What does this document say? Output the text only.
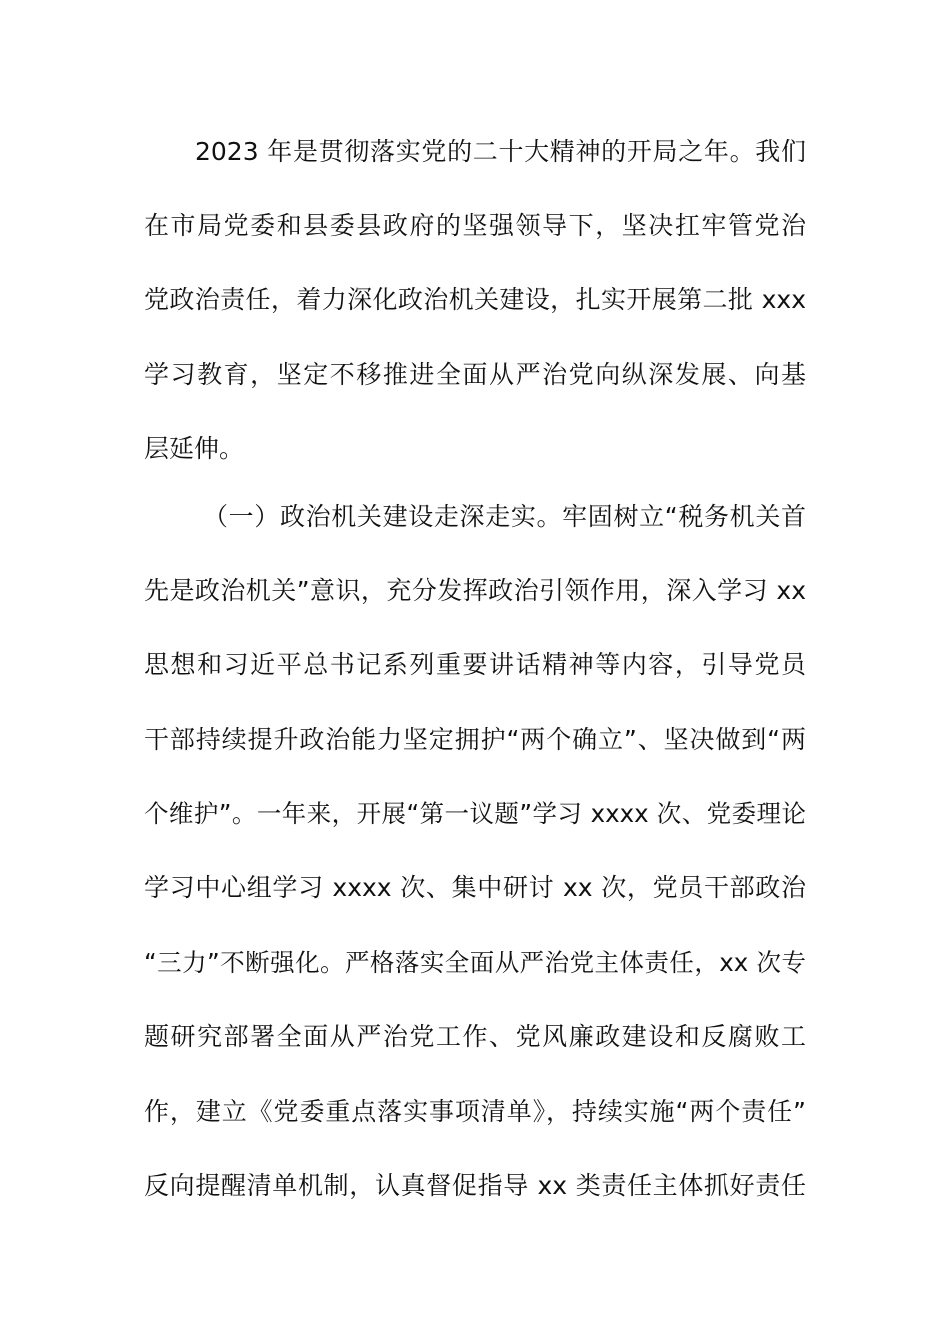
2023 年是贯彻落实党的二十大精神的开局之年。我们
在市局党委和县委县政府的坚强领导下，坚决扛牢管党治
党政治责任，着力深化政治机关建设，扎实开展第二批 xxx
学习教育，坚定不移推进全面从严治党向纵深发展、向基
层延伸。
（一）政治机关建设走深走实。牢固树立“税务机关首
先是政治机关”意识，充分发挥政治引领作用，深入学习 xx
思想和习近平总书记系列重要讲话精神等内容，引导党员
干部持续提升政治能力坚定拥护“两个确立”、坚决做到“两
个维护”。一年来，开展“第一议题”学习 xxxx 次、党委理论
学习中心组学习 xxxx 次、集中研讨 xx 次，党员干部政治
“三力”不断强化。严格落实全面从严治党主体责任，xx 次专
题研究部署全面从严治党工作、党风廉政建设和反腐败工
作，建立《党委重点落实事项清单》，持续实施“两个责任”
反向提醒清单机制，认真督促指导 xx 类责任主体抓好责任
